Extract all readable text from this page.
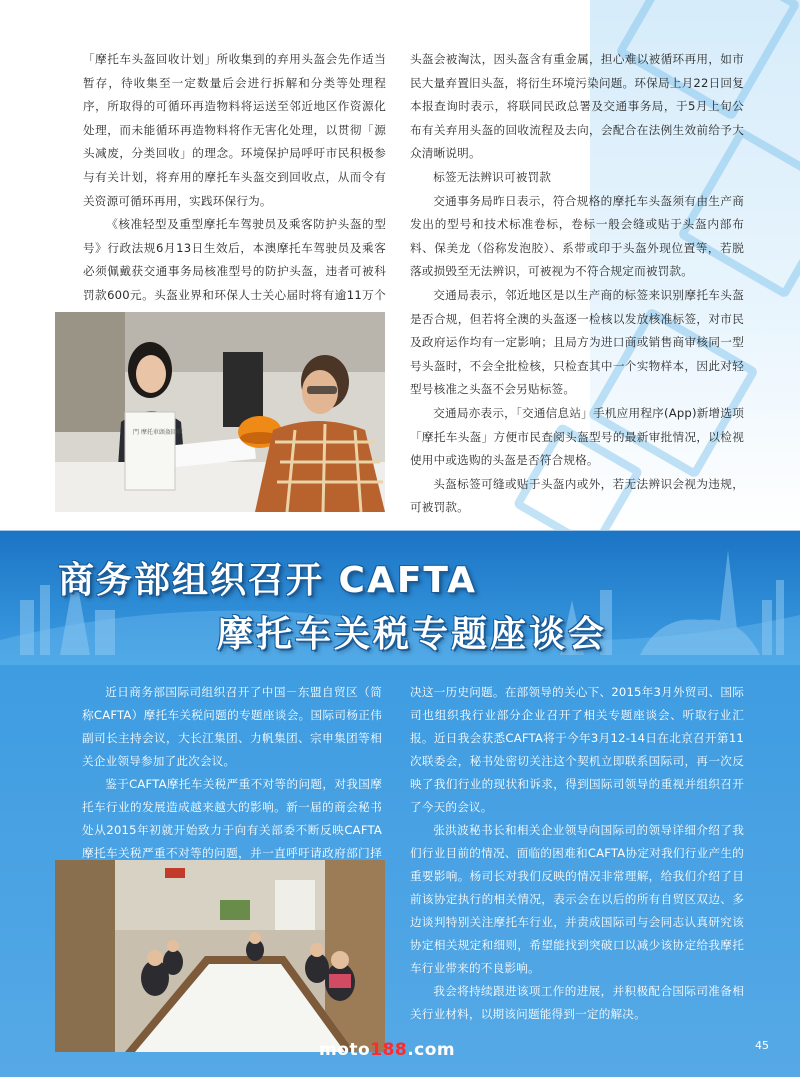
「摩托车头盔回收计划」所收集到的弃用头盔会先作适当暂存，待收集至一定数量后会进行拆解和分类等处理程序，所取得的可循环再造物料将运送至邻近地区作资源化处理，而未能循环再造物料将作无害化处理，以贯彻「源头减废，分类回收」的理念。环境保护局呼吁市民积极参与有关计划，将弃用的摩托车头盔交到回收点，从而令有关资源可循环再用，实践环保行为。

《核准轻型及重型摩托车驾驶员及乘客防护头盔的型号》行政法规6月13日生效后，本澳摩托车驾驶员及乘客必须佩戴获交通事务局核准型号的防护头盔，违者可被科罚款600元。头盔业界和环保人士关心届时将有逾11万个

門 摩托車頭盔回收

头盔会被淘汰，因头盔含有重金属，担心难以被循环再用，如市民大量弃置旧头盔，将衍生环境污染问题。环保局上月22日回复本报查询时表示，将联同民政总署及交通事务局，于5月上旬公布有关弃用头盔的回收流程及去向，会配合在法例生效前给予大众清晰说明。

标签无法辨识可被罚款

交通事务局昨日表示，符合规格的摩托车头盔须有由生产商发出的型号和技术标准卷标，卷标一般会缝或贴于头盔内部布料、保美龙（俗称发泡胶）、系带或印于头盔外现位置等，若脱落或损毁至无法辨识，可被视为不符合规定而被罚款。

交通局表示，邻近地区是以生产商的标签来识别摩托车头盔是否合规，但若将全澳的头盔逐一检核以发放核准标签，对市民及政府运作均有一定影响；且局方为进口商或销售商审核同一型号头盔时，不会全批检核，只检查其中一个实物样本，因此对轻型号核准之头盔不会另贴标签。

交通局亦表示，「交通信息站」手机应用程序(App)新增选项「摩托车头盔」方便市民查阅头盔型号的最新审批情况，以检视使用中或选购的头盔是否符合规格。

头盔标签可缝或贴于头盔内或外，若无法辨识会视为违规，可被罚款。

商务部组织召开 CAFTA
摩托车关税专题座谈会

近日商务部国际司组织召开了中国－东盟自贸区（简称CAFTA）摩托车关税问题的专题座谈会。国际司杨正伟副司长主持会议，大长江集团、力帆集团、宗申集团等相关企业领导参加了此次会议。

鉴于CAFTA摩托车关税严重不对等的问题，对我国摩托车行业的发展造成越来越大的影响。新一届的商会秘书处从2015年初就开始致力于向有关部委不断反映CAFTA摩托车关税严重不对等的问题，并一直呼吁请政府部门择

决这一历史问题。在部领导的关心下、2015年3月外贸司、国际司也组织我行业部分企业召开了相关专题座谈会、听取行业汇报。近日我会获悉CAFTA将于今年3月12-14日在北京召开第11次联委会，秘书处密切关注这个契机立即联系国际司，再一次反映了我们行业的现状和诉求，得到国际司领导的重视并组织召开了今天的会议。

张洪波秘书长和相关企业领导向国际司的领导详细介绍了我们行业目前的情况、面临的困难和CAFTA协定对我们行业产生的重要影响。杨司长对我们反映的情况非常理解，给我们介绍了目前该协定执行的相关情况，表示会在以后的所有自贸区双边、多边谈判特别关注摩托车行业，并责成国际司与会同志认真研究该协定相关规定和细则，希望能找到突破口以减少该协定给我摩托车行业带来的不良影响。

我会将持续跟进该项工作的进展，并积极配合国际司准备相关行业材料，以期该问题能得到一定的解决。

moto188.com	45
